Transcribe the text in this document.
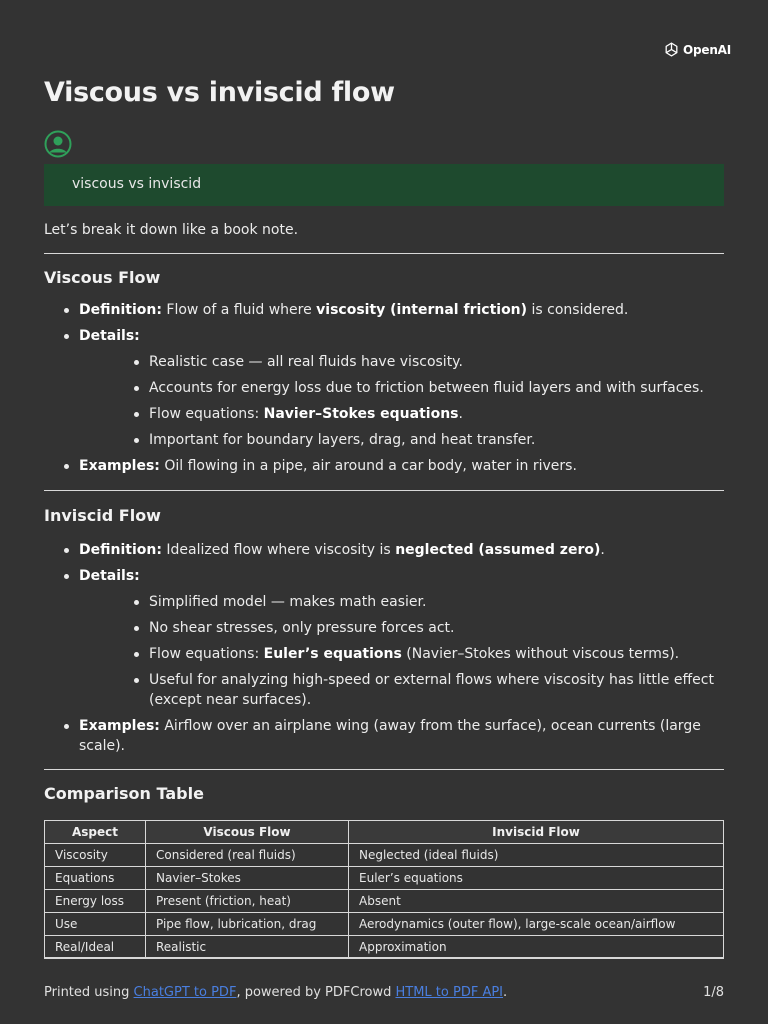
OpenAI
Viscous vs inviscid flow
viscous vs inviscid

Let’s break it down like a book note.

Viscous Flow
Definition: Flow of a fluid where viscosity (internal friction) is considered.
Details:
Realistic case — all real fluids have viscosity.
Accounts for energy loss due to friction between fluid layers and with surfaces.
Flow equations: Navier–Stokes equations.
Important for boundary layers, drag, and heat transfer.
Examples: Oil flowing in a pipe, air around a car body, water in rivers.
Inviscid Flow
Definition: Idealized flow where viscosity is neglected (assumed zero).
Details:
Simplified model — makes math easier.
No shear stresses, only pressure forces act.
Flow equations: Euler’s equations (Navier–Stokes without viscous terms).
Useful for analyzing high-speed or external flows where viscosity has little effect (except near surfaces).
Examples: Airflow over an airplane wing (away from the surface), ocean currents (large scale).
Comparison Table
Aspect	Viscous Flow	Inviscid Flow
Viscosity	Considered (real fluids)	Neglected (ideal fluids)
Equations	Navier–Stokes	Euler’s equations
Energy loss	Present (friction, heat)	Absent
Use	Pipe flow, lubrication, drag	Aerodynamics (outer flow), large-scale ocean/airflow
Real/Ideal	Realistic	Approximation
Printed using ChatGPT to PDF, powered by PDFCrowd HTML to PDF API.	1/8
